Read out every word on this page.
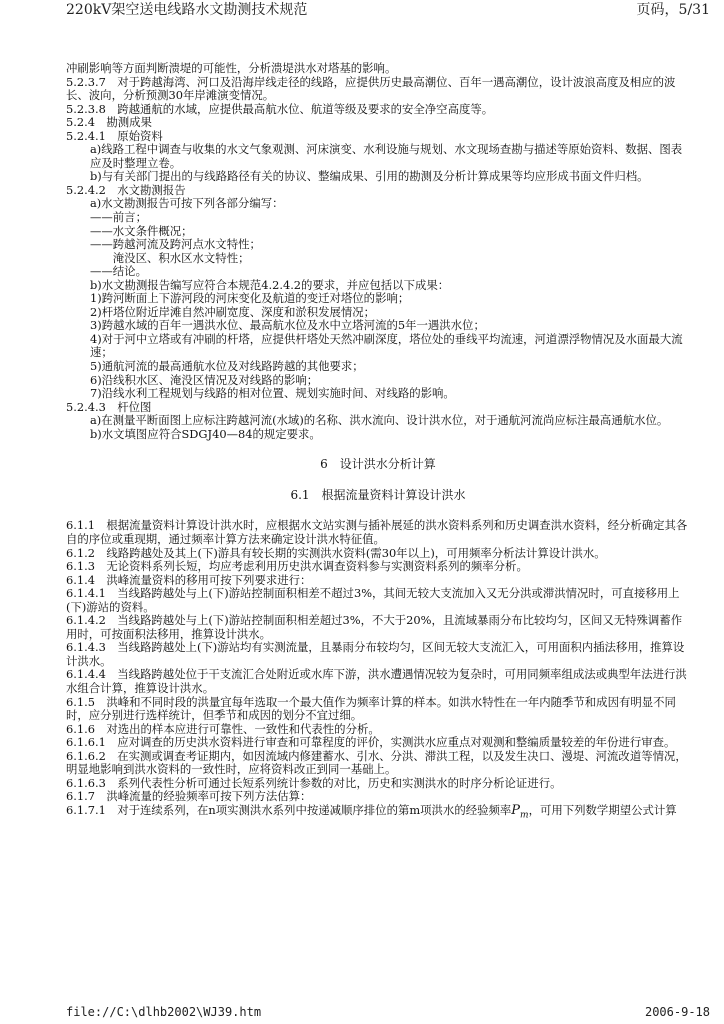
220kV架空送电线路水文勘测技术规范	页码，5/31

冲刷影响等方面判断溃堤的可能性，分析溃堤洪水对塔基的影响。

5.2.3.7　对于跨越海湾、河口及沿海岸线走径的线路，应提供历史最高潮位、百年一遇高潮位，设计波浪高度及相应的波长、波向，分析预测30年岸滩演变情况。

5.2.3.8　跨越通航的水域，应提供最高航水位、航道等级及要求的安全净空高度等。

5.2.4　勘测成果

5.2.4.1　原始资料

a)线路工程中调查与收集的水文气象观测、河床演变、水利设施与规划、水文现场查勘与描述等原始资料、数据、图表应及时整理立卷。

b)与有关部门提出的与线路路径有关的协议、整编成果、引用的勘测及分析计算成果等均应形成书面文件归档。

5.2.4.2　水文勘测报告

a)水文勘测报告可按下列各部分编写：

——前言；

——水文条件概况；

——跨越河流及跨河点水文特性；

　　淹没区、积水区水文特性；

——结论。

b)水文勘测报告编写应符合本规范4.2.4.2的要求，并应包括以下成果：

1)跨河断面上下游河段的河床变化及航道的变迁对塔位的影响；

2)杆塔位附近岸滩自然冲刷宽度、深度和淤积发展情况；

3)跨越水域的百年一遇洪水位、最高航水位及水中立塔河流的5年一遇洪水位；

4)对于河中立塔或有冲刷的杆塔，应提供杆塔处天然冲刷深度，塔位处的垂线平均流速，河道漂浮物情况及水面最大流速；

5)通航河流的最高通航水位及对线路跨越的其他要求；

6)沿线积水区、淹没区情况及对线路的影响；

7)沿线水利工程规划与线路的相对位置、规划实施时间、对线路的影响。

5.2.4.3　杆位图

a)在测量平断面图上应标注跨越河流(水域)的名称、洪水流向、设计洪水位，对于通航河流尚应标注最高通航水位。

b)水文填图应符合SDGJ40—84的规定要求。

6　设计洪水分析计算

6.1　根据流量资料计算设计洪水

6.1.1　根据流量资料计算设计洪水时，应根据水文站实测与插补展延的洪水资料系列和历史调查洪水资料，经分析确定其各自的序位或重现期，通过频率计算方法来确定设计洪水特征值。

6.1.2　线路跨越处及其上(下)游具有较长期的实测洪水资料(需30年以上)，可用频率分析法计算设计洪水。

6.1.3　无论资料系列长短，均应考虑利用历史洪水调查资料参与实测资料系列的频率分析。

6.1.4　洪峰流量资料的移用可按下列要求进行：

6.1.4.1　当线路跨越处与上(下)游站控制面积相差不超过3%，其间无较大支流加入又无分洪或滞洪情况时，可直接移用上(下)游站的资料。

6.1.4.2　当线路跨越处与上(下)游站控制面积相差超过3%，不大于20%，且流域暴雨分布比较均匀，区间又无特殊调蓄作用时，可按面积法移用，推算设计洪水。

6.1.4.3　当线路跨越处上(下)游站均有实测流量，且暴雨分布较均匀，区间无较大支流汇入，可用面积内插法移用，推算设计洪水。

6.1.4.4　当线路跨越处位于干支流汇合处附近或水库下游，洪水遭遇情况较为复杂时，可用同频率组成法或典型年法进行洪水组合计算，推算设计洪水。

6.1.5　洪峰和不同时段的洪量宜每年选取一个最大值作为频率计算的样本。如洪水特性在一年内随季节和成因有明显不同时，应分别进行选样统计，但季节和成因的划分不宜过细。

6.1.6　对选出的样本应进行可靠性、一致性和代表性的分析。

6.1.6.1　应对调查的历史洪水资料进行审查和可靠程度的评价，实测洪水应重点对观测和整编质量较差的年份进行审查。

6.1.6.2　在实测或调查考证期内，如因流域内修建蓄水、引水、分洪、滞洪工程，以及发生决口、漫堤、河流改道等情况，明显地影响到洪水资料的一致性时，应将资料改正到同一基础上。

6.1.6.3　系列代表性分析可通过长短系列统计参数的对比，历史和实测洪水的时序分析论证进行。

6.1.7　洪峰流量的经验频率可按下列方法估算：

6.1.7.1　对于连续系列，在n项实测洪水系列中按递减顺序排位的第m项洪水的经验频率$P_m$，可用下列数学期望公式计算

file://C:\dlhb2002\WJ39.htm	2006-9-18
